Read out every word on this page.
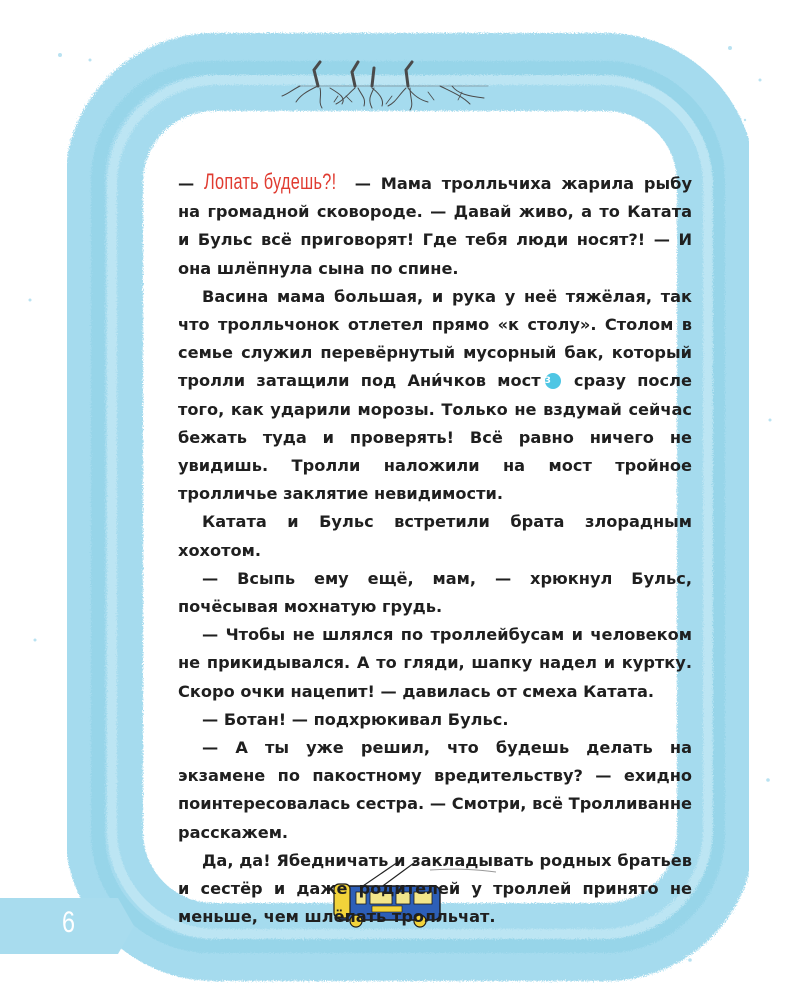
6

— Лопать будешь?! — Мама тролльчиха жарила рыбу на громадной сковороде. — Давай живо, а то Катата и Бульс всё приговорят! Где тебя люди носят?! — И она шлёпнула сына по спине.

Васина мама большая, и рука у неё тяжёлая, так что тролльчонок отлетел прямо «к столу». Столом в семье служил перевёрнутый мусорный бак, который тролли затащили под Ани́чков мост 3 сразу после того, как ударили морозы. Только не вздумай сейчас бежать туда и проверять! Всё равно ничего не увидишь. Тролли наложили на мост тройное тролличье заклятие невидимости.

Катата и Бульс встретили брата злорадным хохотом.

— Всыпь ему ещё, мам, — хрюкнул Бульс, почёсывая мохнатую грудь.

— Чтобы не шлялся по троллейбусам и человеком не прикидывался. А то гляди, шапку надел и куртку. Скоро очки нацепит! — давилась от смеха Катата.

— Ботан! — подхрюкивал Бульс.

— А ты уже решил, что будешь делать на экзамене по пакостному вредительству? — ехидно поинтересовалась сестра. — Смотри, всё Тролливанне расскажем.

Да, да! Ябедничать и закладывать родных братьев и сестёр и даже родителей у троллей принято не меньше, чем шлёпать тролльчат.
